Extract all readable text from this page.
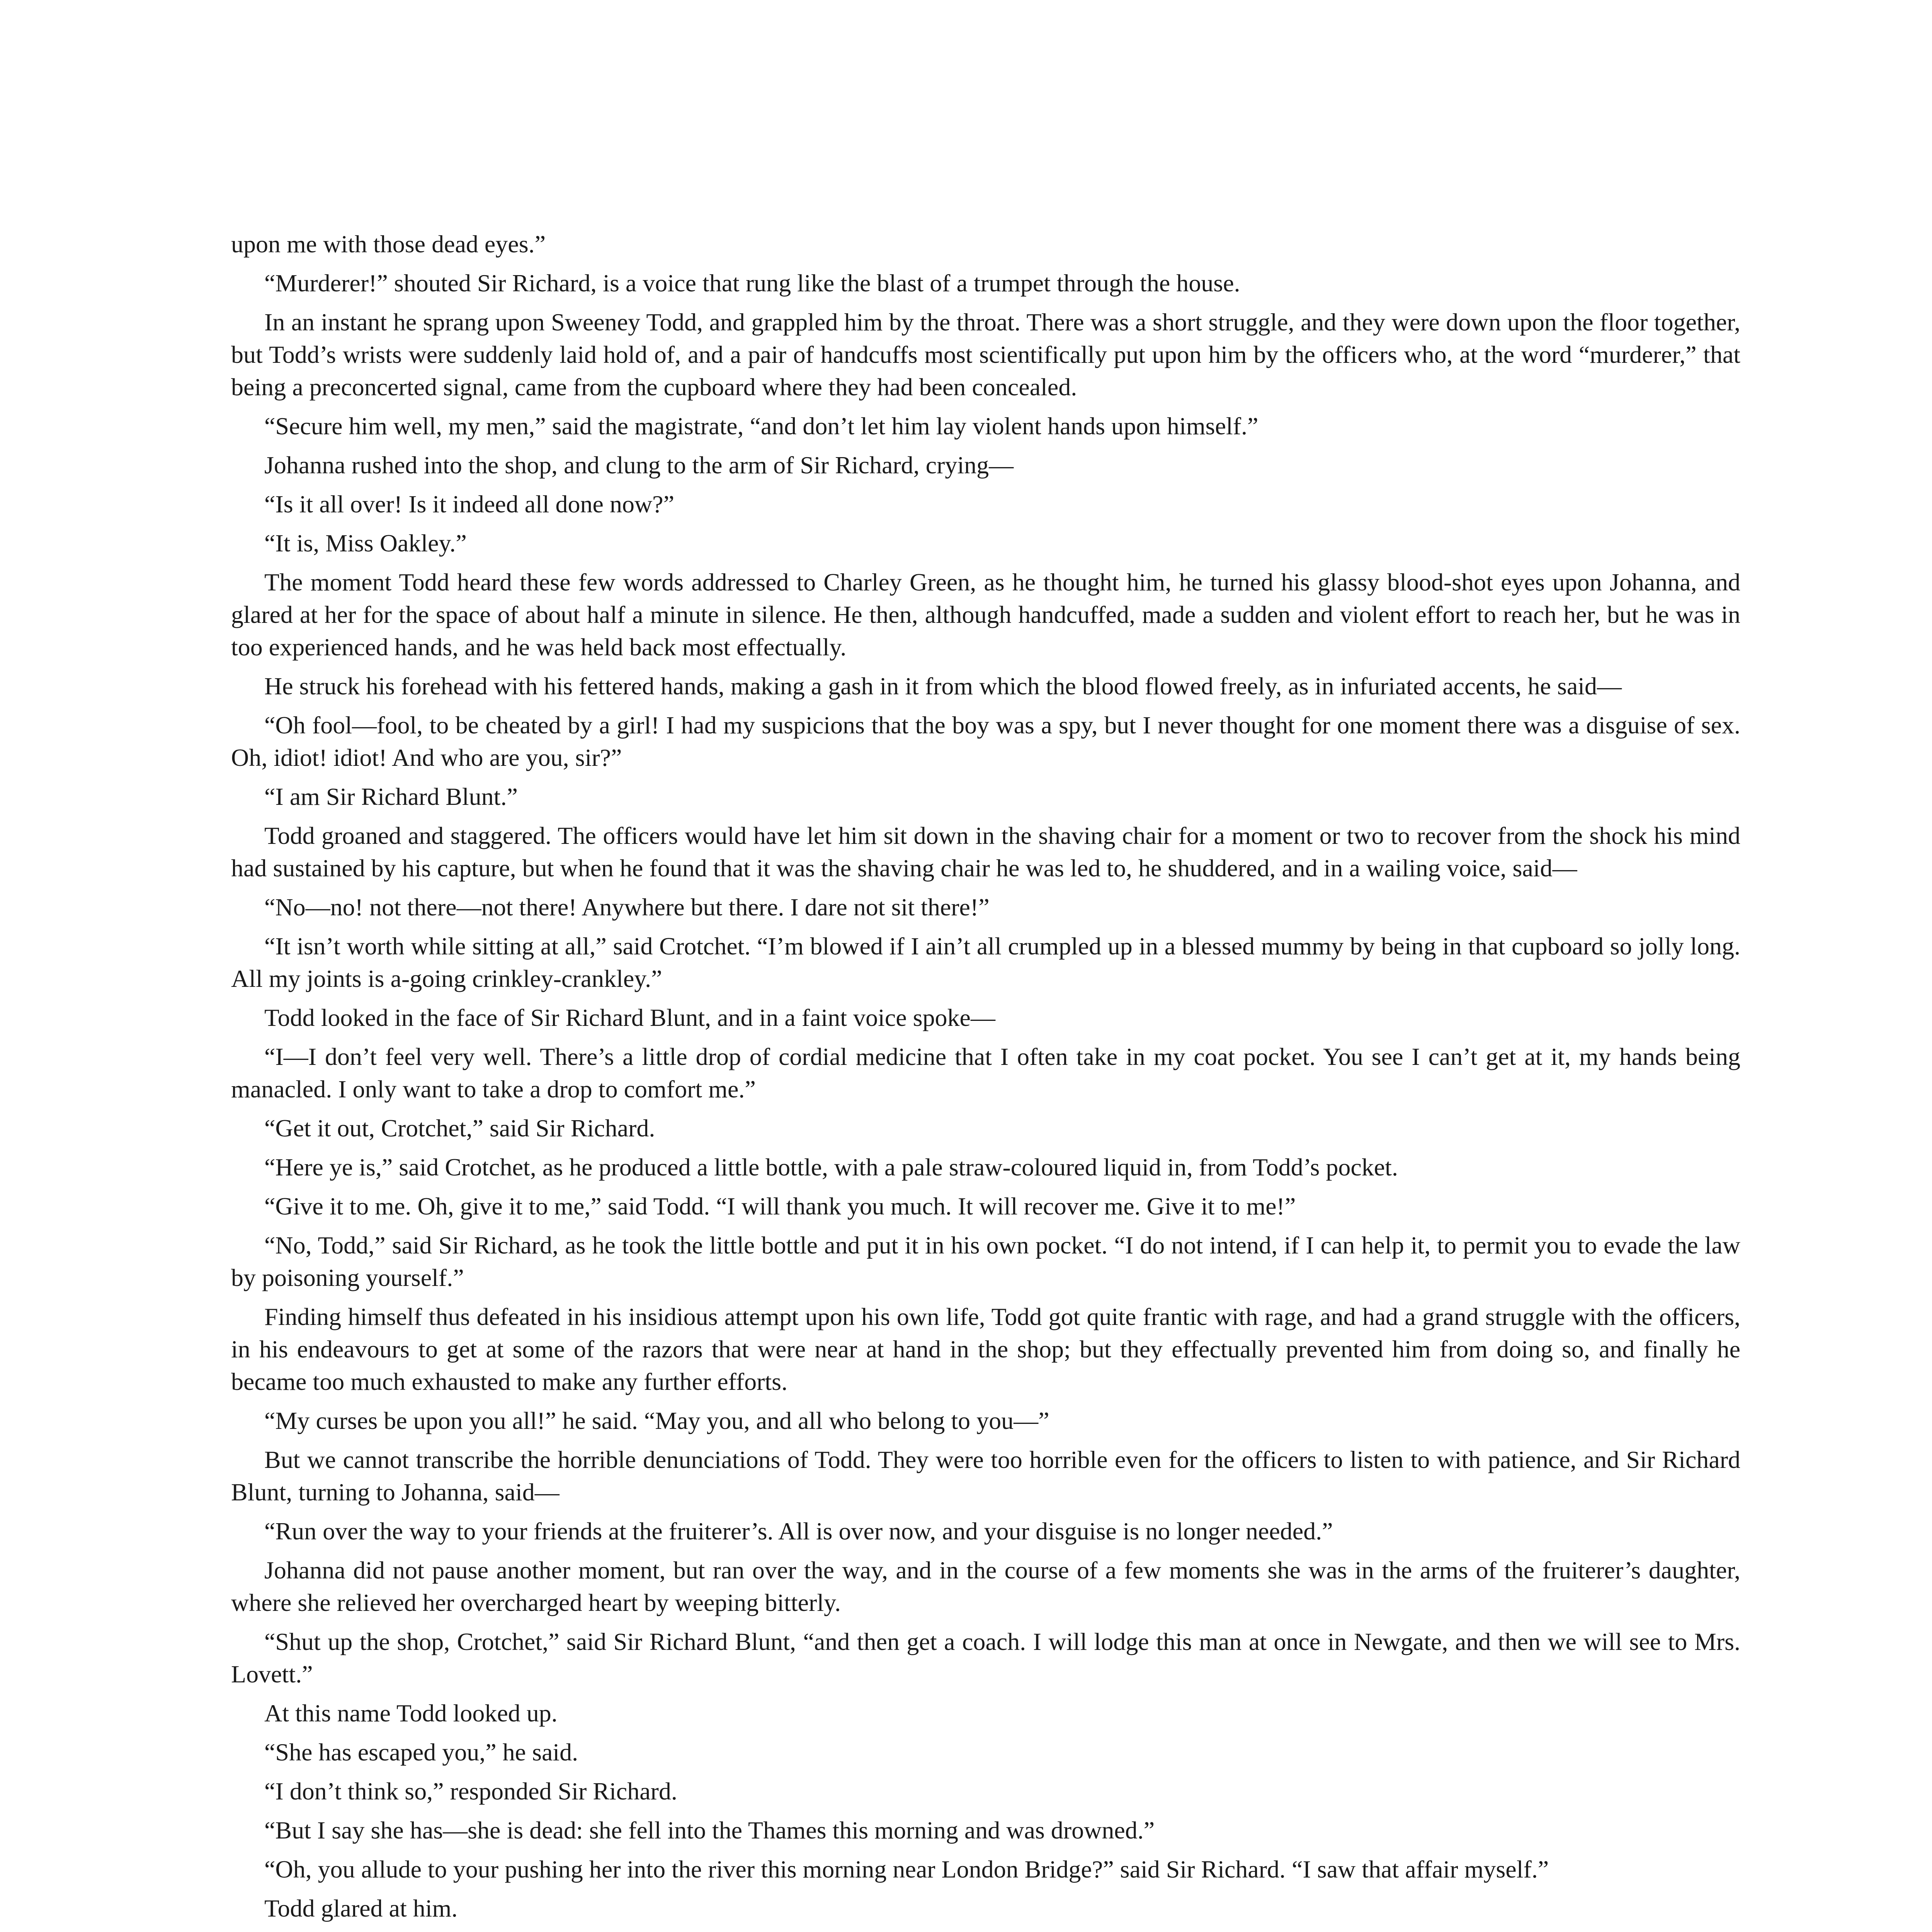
upon me with those dead eyes.”

“Murderer!” shouted Sir Richard, is a voice that rung like the blast of a trumpet through the house.

In an instant he sprang upon Sweeney Todd, and grappled him by the throat. There was a short struggle, and they were down upon the floor together, but Todd’s wrists were suddenly laid hold of, and a pair of handcuffs most scientifically put upon him by the officers who, at the word “murderer,” that being a preconcerted signal, came from the cupboard where they had been concealed.

“Secure him well, my men,” said the magistrate, “and don’t let him lay violent hands upon himself.”

Johanna rushed into the shop, and clung to the arm of Sir Richard, crying—

“Is it all over! Is it indeed all done now?”

“It is, Miss Oakley.”

The moment Todd heard these few words addressed to Charley Green, as he thought him, he turned his glassy blood-shot eyes upon Johanna, and glared at her for the space of about half a minute in silence. He then, although handcuffed, made a sudden and violent effort to reach her, but he was in too experienced hands, and he was held back most effectually.

He struck his forehead with his fettered hands, making a gash in it from which the blood flowed freely, as in infuriated accents, he said—

“Oh fool—fool, to be cheated by a girl! I had my suspicions that the boy was a spy, but I never thought for one moment there was a disguise of sex. Oh, idiot! idiot! And who are you, sir?”

“I am Sir Richard Blunt.”

Todd groaned and staggered. The officers would have let him sit down in the shaving chair for a moment or two to recover from the shock his mind had sustained by his capture, but when he found that it was the shaving chair he was led to, he shuddered, and in a wailing voice, said—

“No—no! not there—not there! Anywhere but there. I dare not sit there!”

“It isn’t worth while sitting at all,” said Crotchet. “I’m blowed if I ain’t all crumpled up in a blessed mummy by being in that cupboard so jolly long. All my joints is a-going crinkley-crankley.”

Todd looked in the face of Sir Richard Blunt, and in a faint voice spoke—

“I—I don’t feel very well. There’s a little drop of cordial medicine that I often take in my coat pocket. You see I can’t get at it, my hands being manacled. I only want to take a drop to comfort me.”

“Get it out, Crotchet,” said Sir Richard.

“Here ye is,” said Crotchet, as he produced a little bottle, with a pale straw-coloured liquid in, from Todd’s pocket.

“Give it to me. Oh, give it to me,” said Todd. “I will thank you much. It will recover me. Give it to me!”

“No, Todd,” said Sir Richard, as he took the little bottle and put it in his own pocket. “I do not intend, if I can help it, to permit you to evade the law by poisoning yourself.”

Finding himself thus defeated in his insidious attempt upon his own life, Todd got quite frantic with rage, and had a grand struggle with the officers, in his endeavours to get at some of the razors that were near at hand in the shop; but they effectually prevented him from doing so, and finally he became too much exhausted to make any further efforts.

“My curses be upon you all!” he said. “May you, and all who belong to you—”

But we cannot transcribe the horrible denunciations of Todd. They were too horrible even for the officers to listen to with patience, and Sir Richard Blunt, turning to Johanna, said—

“Run over the way to your friends at the fruiterer’s. All is over now, and your disguise is no longer needed.”

Johanna did not pause another moment, but ran over the way, and in the course of a few moments she was in the arms of the fruiterer’s daughter, where she relieved her overcharged heart by weeping bitterly.

“Shut up the shop, Crotchet,” said Sir Richard Blunt, “and then get a coach. I will lodge this man at once in Newgate, and then we will see to Mrs. Lovett.”

At this name Todd looked up.

“She has escaped you,” he said.

“I don’t think so,” responded Sir Richard.

“But I say she has—she is dead: she fell into the Thames this morning and was drowned.”

“Oh, you allude to your pushing her into the river this morning near London Bridge?” said Sir Richard. “I saw that affair myself.”

Todd glared at him.
